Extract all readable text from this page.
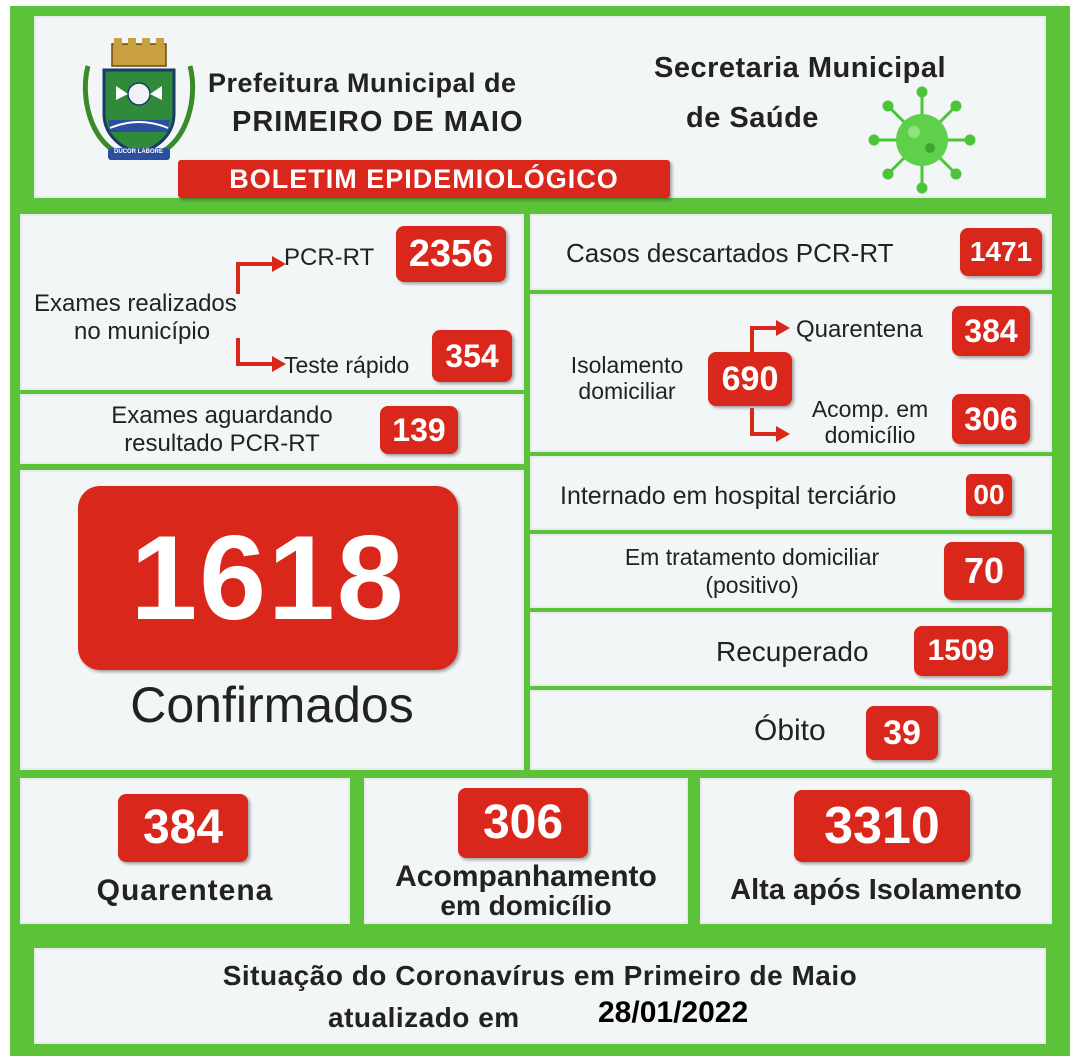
DUCOR LABORE
Prefeitura Municipal de
PRIMEIRO DE MAIO
Secretaria Municipal
de Saúde
BOLETIM EPIDEMIOLÓGICO
Exames realizados
no município
PCR-RT 2356
Teste rápido	354
Exames aguardando
resultado PCR-RT	139
1618
Confirmados
Casos descartados PCR-RT	1471
Isolamento
domiciliar	690
Quarentena	384
Acomp. em
domicílio	306
Internado em hospital terciário	00
Em tratamento domiciliar
(positivo)	70
Recuperado	1509
Óbito	39
384
Quarentena
306
Acompanhamento
em domicílio
3310
Alta após Isolamento
Situação do Coronavírus em Primeiro de Maio
atualizado em	28/01/2022
